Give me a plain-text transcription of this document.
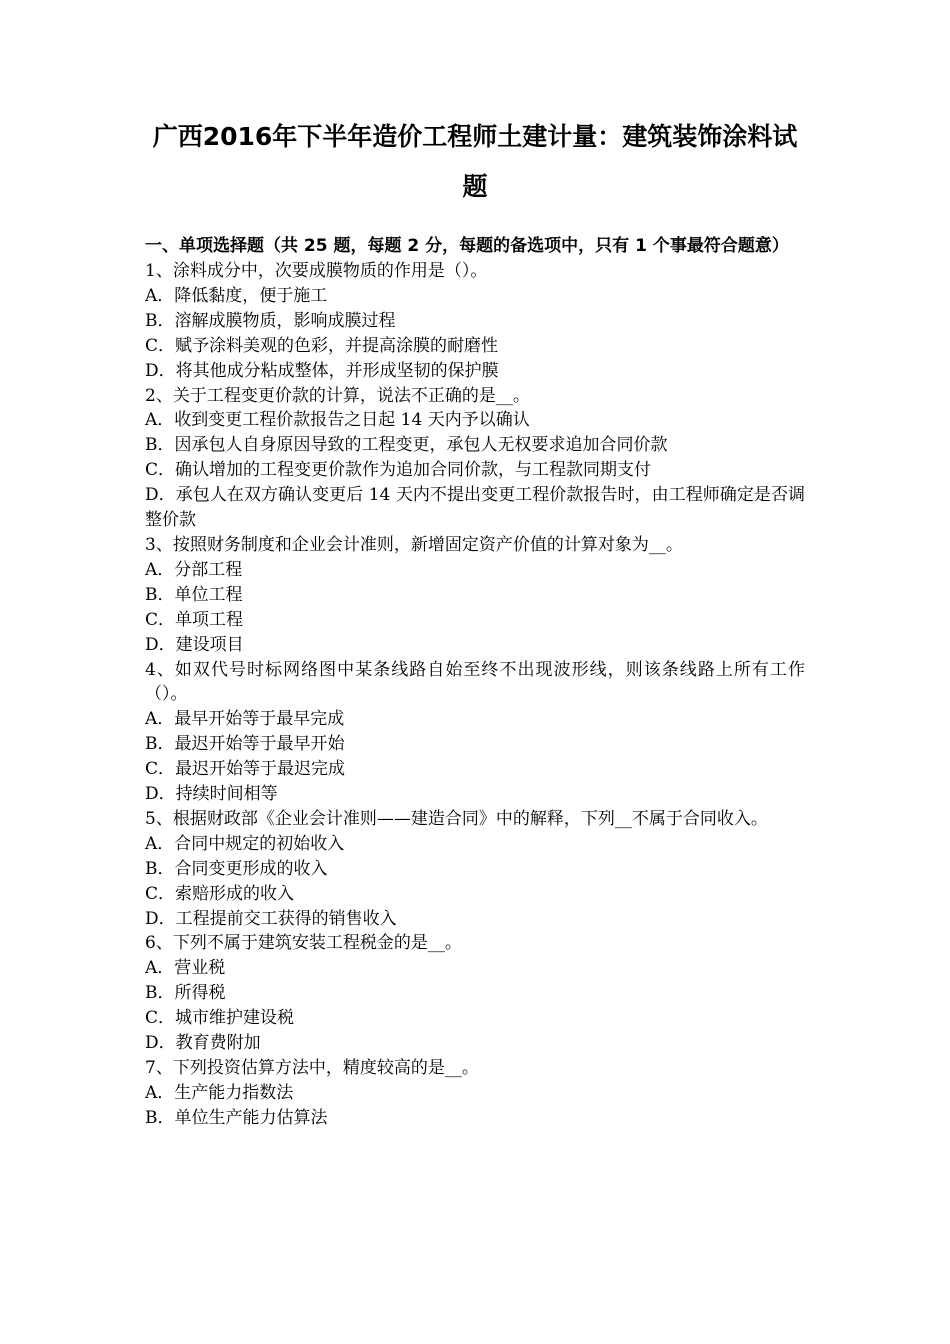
广西2016年下半年造价工程师土建计量：建筑装饰涂料试题

一、单项选择题（共 25 题，每题 2 分，每题的备选项中，只有 1 个事最符合题意）

1、涂料成分中，次要成膜物质的作用是（）。

A．降低黏度，便于施工

B．溶解成膜物质，影响成膜过程

C．赋予涂料美观的色彩，并提高涂膜的耐磨性

D．将其他成分粘成整体，并形成坚韧的保护膜

2、关于工程变更价款的计算，说法不正确的是__。

A．收到变更工程价款报告之日起 14 天内予以确认

B．因承包人自身原因导致的工程变更，承包人无权要求追加合同价款

C．确认增加的工程变更价款作为追加合同价款，与工程款同期支付

D．承包人在双方确认变更后 14 天内不提出变更工程价款报告时，由工程师确定是否调整价款

3、按照财务制度和企业会计准则，新增固定资产价值的计算对象为__。

A．分部工程

B．单位工程

C．单项工程

D．建设项目

4、如双代号时标网络图中某条线路自始至终不出现波形线，则该条线路上所有工作（）。

A．最早开始等于最早完成

B．最迟开始等于最早开始

C．最迟开始等于最迟完成

D．持续时间相等

5、根据财政部《企业会计准则——建造合同》中的解释，下列__不属于合同收入。

A．合同中规定的初始收入

B．合同变更形成的收入

C．索赔形成的收入

D．工程提前交工获得的销售收入

6、下列不属于建筑安装工程税金的是__。

A．营业税

B．所得税

C．城市维护建设税

D．教育费附加

7、下列投资估算方法中，精度较高的是__。

A．生产能力指数法

B．单位生产能力估算法
